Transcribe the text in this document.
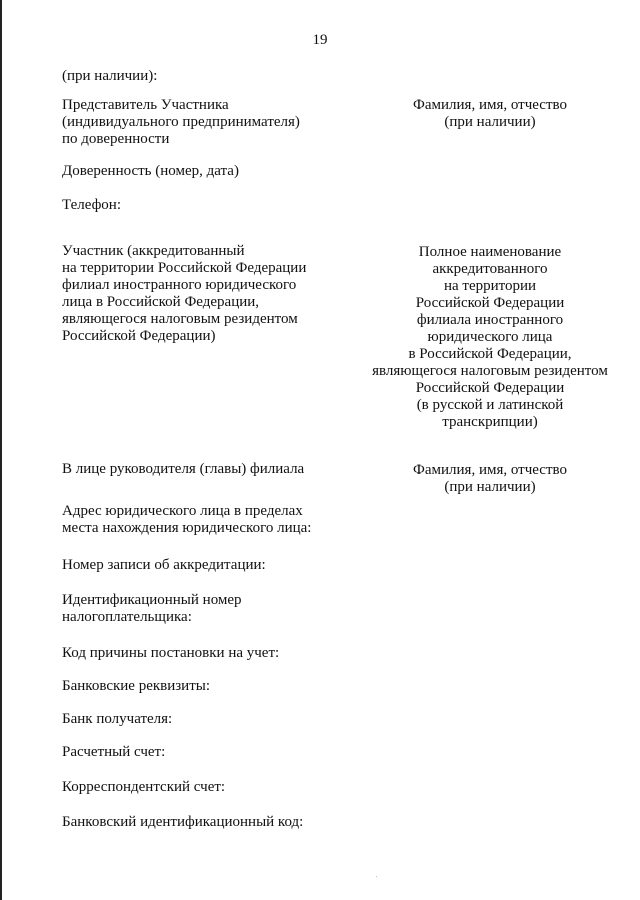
19
(при наличии):
Представитель Участника
(индивидуального предпринимателя)
по доверенности
Фамилия, имя, отчество
(при наличии)
Доверенность (номер, дата)
Телефон:
Участник (аккредитованный
на территории Российской Федерации
филиал иностранного юридического
лица в Российской Федерации,
являющегося налоговым резидентом
Российской Федерации)
Полное наименование
аккредитованного
на территории
Российской Федерации
филиала иностранного
юридического лица
в Российской Федерации,
являющегося налоговым резидентом
Российской Федерации
(в русской и латинской
транскрипции)
В лице руководителя (главы) филиала	Фамилия, имя, отчество
(при наличии)
Адрес юридического лица в пределах
места нахождения юридического лица:
Номер записи об аккредитации:
Идентификационный номер
налогоплательщика:
Код причины постановки на учет:
Банковские реквизиты:
Банк получателя:
Расчетный счет:
Корреспондентский счет:
Банковский идентификационный код:
